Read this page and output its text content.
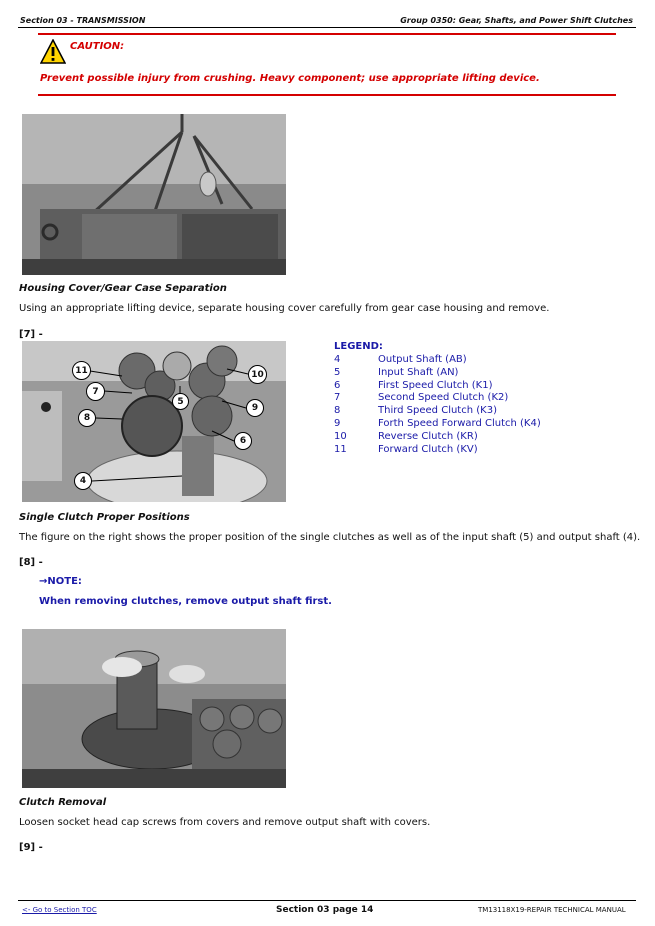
Section 03 - TRANSMISSION	Group 0350: Gear, Shafts, and Power Shift Clutches
CAUTION:
Prevent possible injury from crushing. Heavy component; use appropriate lifting device.
Housing Cover/Gear Case Separation
Using an appropriate lifting device, separate housing cover carefully from gear case housing and remove.
[7] -
11
7
5
10
9
8
6
4
LEGEND:
4	Output Shaft (AB)
5	Input Shaft (AN)
6	First Speed Clutch (K1)
7	Second Speed Clutch (K2)
8	Third Speed Clutch (K3)
9	Forth Speed Forward Clutch (K4)
10	Reverse Clutch (KR)
11	Forward Clutch (KV)
Single Clutch Proper Positions
The figure on the right shows the proper position of the single clutches as well as of the input shaft (5) and output shaft (4).
[8] -
→NOTE:
When removing clutches, remove output shaft first.
Clutch Removal
Loosen socket head cap screws from covers and remove output shaft with covers.
[9] -
<- Go to Section TOC	Section 03 page 14	TM13118X19-REPAIR TECHNICAL MANUAL
